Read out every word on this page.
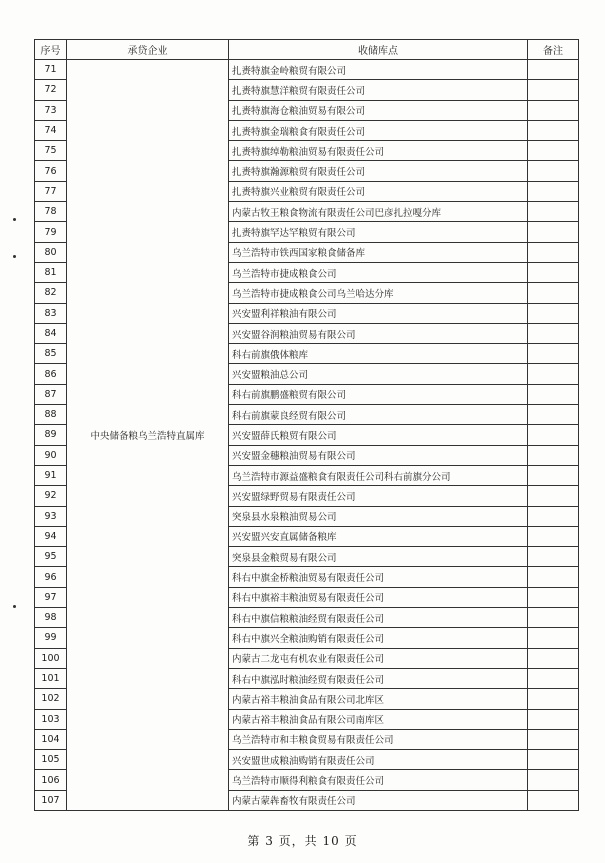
序号	承贷企业	收储库点	备注
71	中央储备粮乌兰浩特直属库	扎赉特旗金岭粮贸有限公司	
72		扎赉特旗慧洋粮贸有限责任公司	
73		扎赉特旗海仓粮油贸易有限公司	
74		扎赉特旗金瑞粮食有限责任公司	
75		扎赉特旗绰勒粮油贸易有限责任公司	
76		扎赉特旗瀚源粮贸有限责任公司	
77		扎赉特旗兴业粮贸有限责任公司	
78		内蒙古牧王粮食物流有限责任公司巴彦扎拉嘎分库	
79		扎赉特旗罕达罕粮贸有限公司	
80		乌兰浩特市铁西国家粮食储备库	
81		乌兰浩特市捷成粮食公司	
82		乌兰浩特市捷成粮食公司乌兰哈达分库	
83		兴安盟利祥粮油有限公司	
84		兴安盟谷润粮油贸易有限公司	
85		科右前旗俄体粮库	
86		兴安盟粮油总公司	
87		科右前旗鹏盛粮贸有限公司	
88		科右前旗蒙良经贸有限公司	
89		兴安盟薛氏粮贸有限公司	
90		兴安盟金穗粮油贸易有限公司	
91		乌兰浩特市源益盛粮食有限责任公司科右前旗分公司	
92		兴安盟绿野贸易有限责任公司	
93		突泉县水泉粮油贸易公司	
94		兴安盟兴安直属储备粮库	
95		突泉县金粮贸易有限公司	
96		科右中旗金桥粮油贸易有限责任公司	
97		科右中旗裕丰粮油贸易有限责任公司	
98		科右中旗信粮粮油经贸有限责任公司	
99		科右中旗兴全粮油购销有限责任公司	
100		内蒙古二龙屯有机农业有限责任公司	
101		科右中旗泓时粮油经贸有限责任公司	
102		内蒙古裕丰粮油食品有限公司北库区	
103		内蒙古裕丰粮油食品有限公司南库区	
104		乌兰浩特市和丰粮食贸易有限责任公司	
105		兴安盟世成粮油购销有限责任公司	
106		乌兰浩特市顺得利粮食有限责任公司	
107		内蒙古蒙犇畜牧有限责任公司	
第 3 页，共 10 页
